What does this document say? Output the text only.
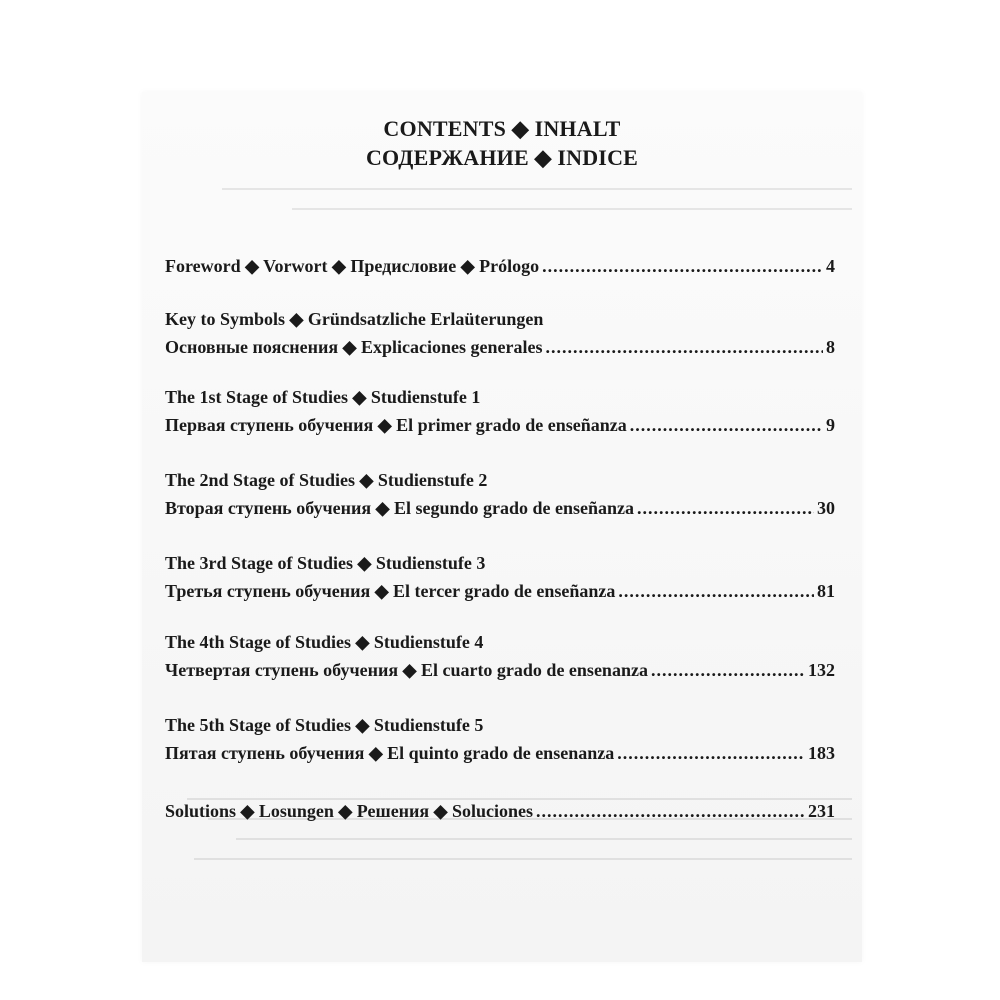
CONTENTS ◆ INHALT
СОДЕРЖАНИЕ ◆ INDICE
Foreword ◆ Vorwort ◆ Предисловие ◆ Prólogo .....	4
Key to Symbols ◆ Gründsatzliche Erlaüterungen
Основные пояснения ◆ Explicaciones generales .....	8
The 1st Stage of Studies ◆ Studienstufe 1
Первая ступень обучения ◆ El primer grado de enseñanza .....	9
The 2nd Stage of Studies ◆ Studienstufe 2
Вторая ступень обучения ◆ El segundo grado de enseñanza .....	30
The 3rd Stage of Studies ◆ Studienstufe 3
Третья ступень обучения ◆ El tercer grado de enseñanza .....	81
The 4th Stage of Studies ◆ Studienstufe 4
Четвертая ступень обучения ◆ El cuarto grado de ensenanza .....	132
The 5th Stage of Studies ◆ Studienstufe 5
Пятая ступень обучения ◆ El quinto grado de ensenanza .....	183
Solutions ◆ Losungen ◆ Решения ◆ Soluciones .....	231
